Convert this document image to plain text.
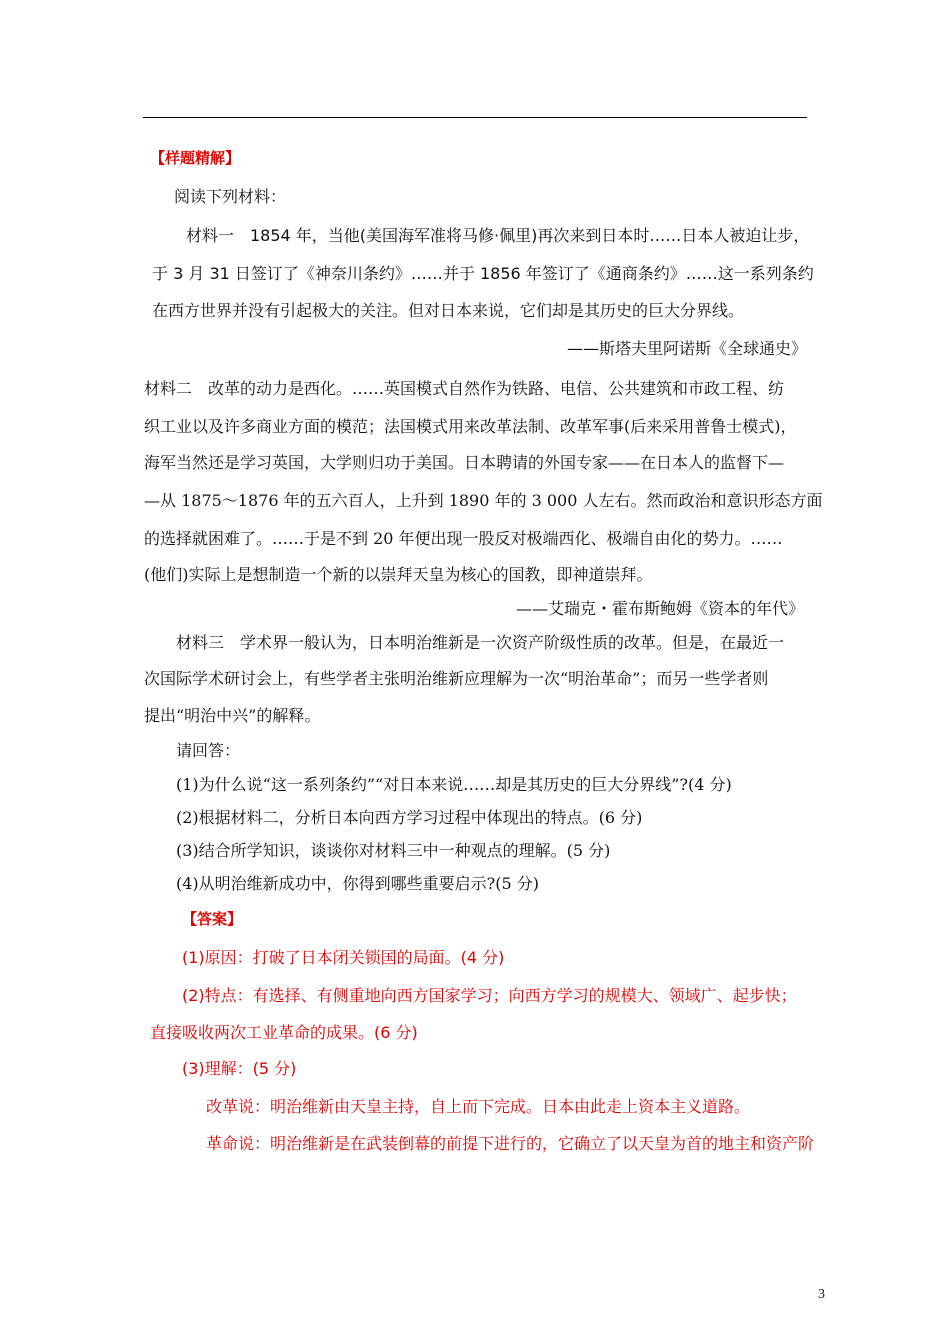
【样题精解】
阅读下列材料：
材料一　1854 年，当他(美国海军准将马修·佩里)再次来到日本时……日本人被迫让步，
于 3 月 31 日签订了《神奈川条约》……并于 1856 年签订了《通商条约》……这一系列条约
在西方世界并没有引起极大的关注。但对日本来说，它们却是其历史的巨大分界线。
——斯塔夫里阿诺斯《全球通史》
材料二　改革的动力是西化。……英国模式自然作为铁路、电信、公共建筑和市政工程、纺
织工业以及许多商业方面的模范；法国模式用来改革法制、改革军事(后来采用普鲁士模式)，
海军当然还是学习英国，大学则归功于美国。日本聘请的外国专家——在日本人的监督下—
—从 1875～1876 年的五六百人，上升到 1890 年的 3 000 人左右。然而政治和意识形态方面
的选择就困难了。……于是不到 20 年便出现一股反对极端西化、极端自由化的势力。……
(他们)实际上是想制造一个新的以崇拜天皇为核心的国教，即神道崇拜。
——艾瑞克・霍布斯鲍姆《资本的年代》
材料三　学术界一般认为，日本明治维新是一次资产阶级性质的改革。但是，在最近一
次国际学术研讨会上，有些学者主张明治维新应理解为一次“明治革命”；而另一些学者则
提出“明治中兴”的解释。
请回答：
(1)为什么说“这一系列条约”“对日本来说……却是其历史的巨大分界线”?(4 分)
(2)根据材料二，分析日本向西方学习过程中体现出的特点。(6 分)
(3)结合所学知识，谈谈你对材料三中一种观点的理解。(5 分)
(4)从明治维新成功中，你得到哪些重要启示?(5 分)
【答案】
(1)原因：打破了日本闭关锁国的局面。(4 分)
(2)特点：有选择、有侧重地向西方国家学习；向西方学习的规模大、领域广、起步快；
直接吸收两次工业革命的成果。(6 分)
(3)理解：(5 分)
改革说：明治维新由天皇主持，自上而下完成。日本由此走上资本主义道路。
革命说：明治维新是在武装倒幕的前提下进行的，它确立了以天皇为首的地主和资产阶
3
